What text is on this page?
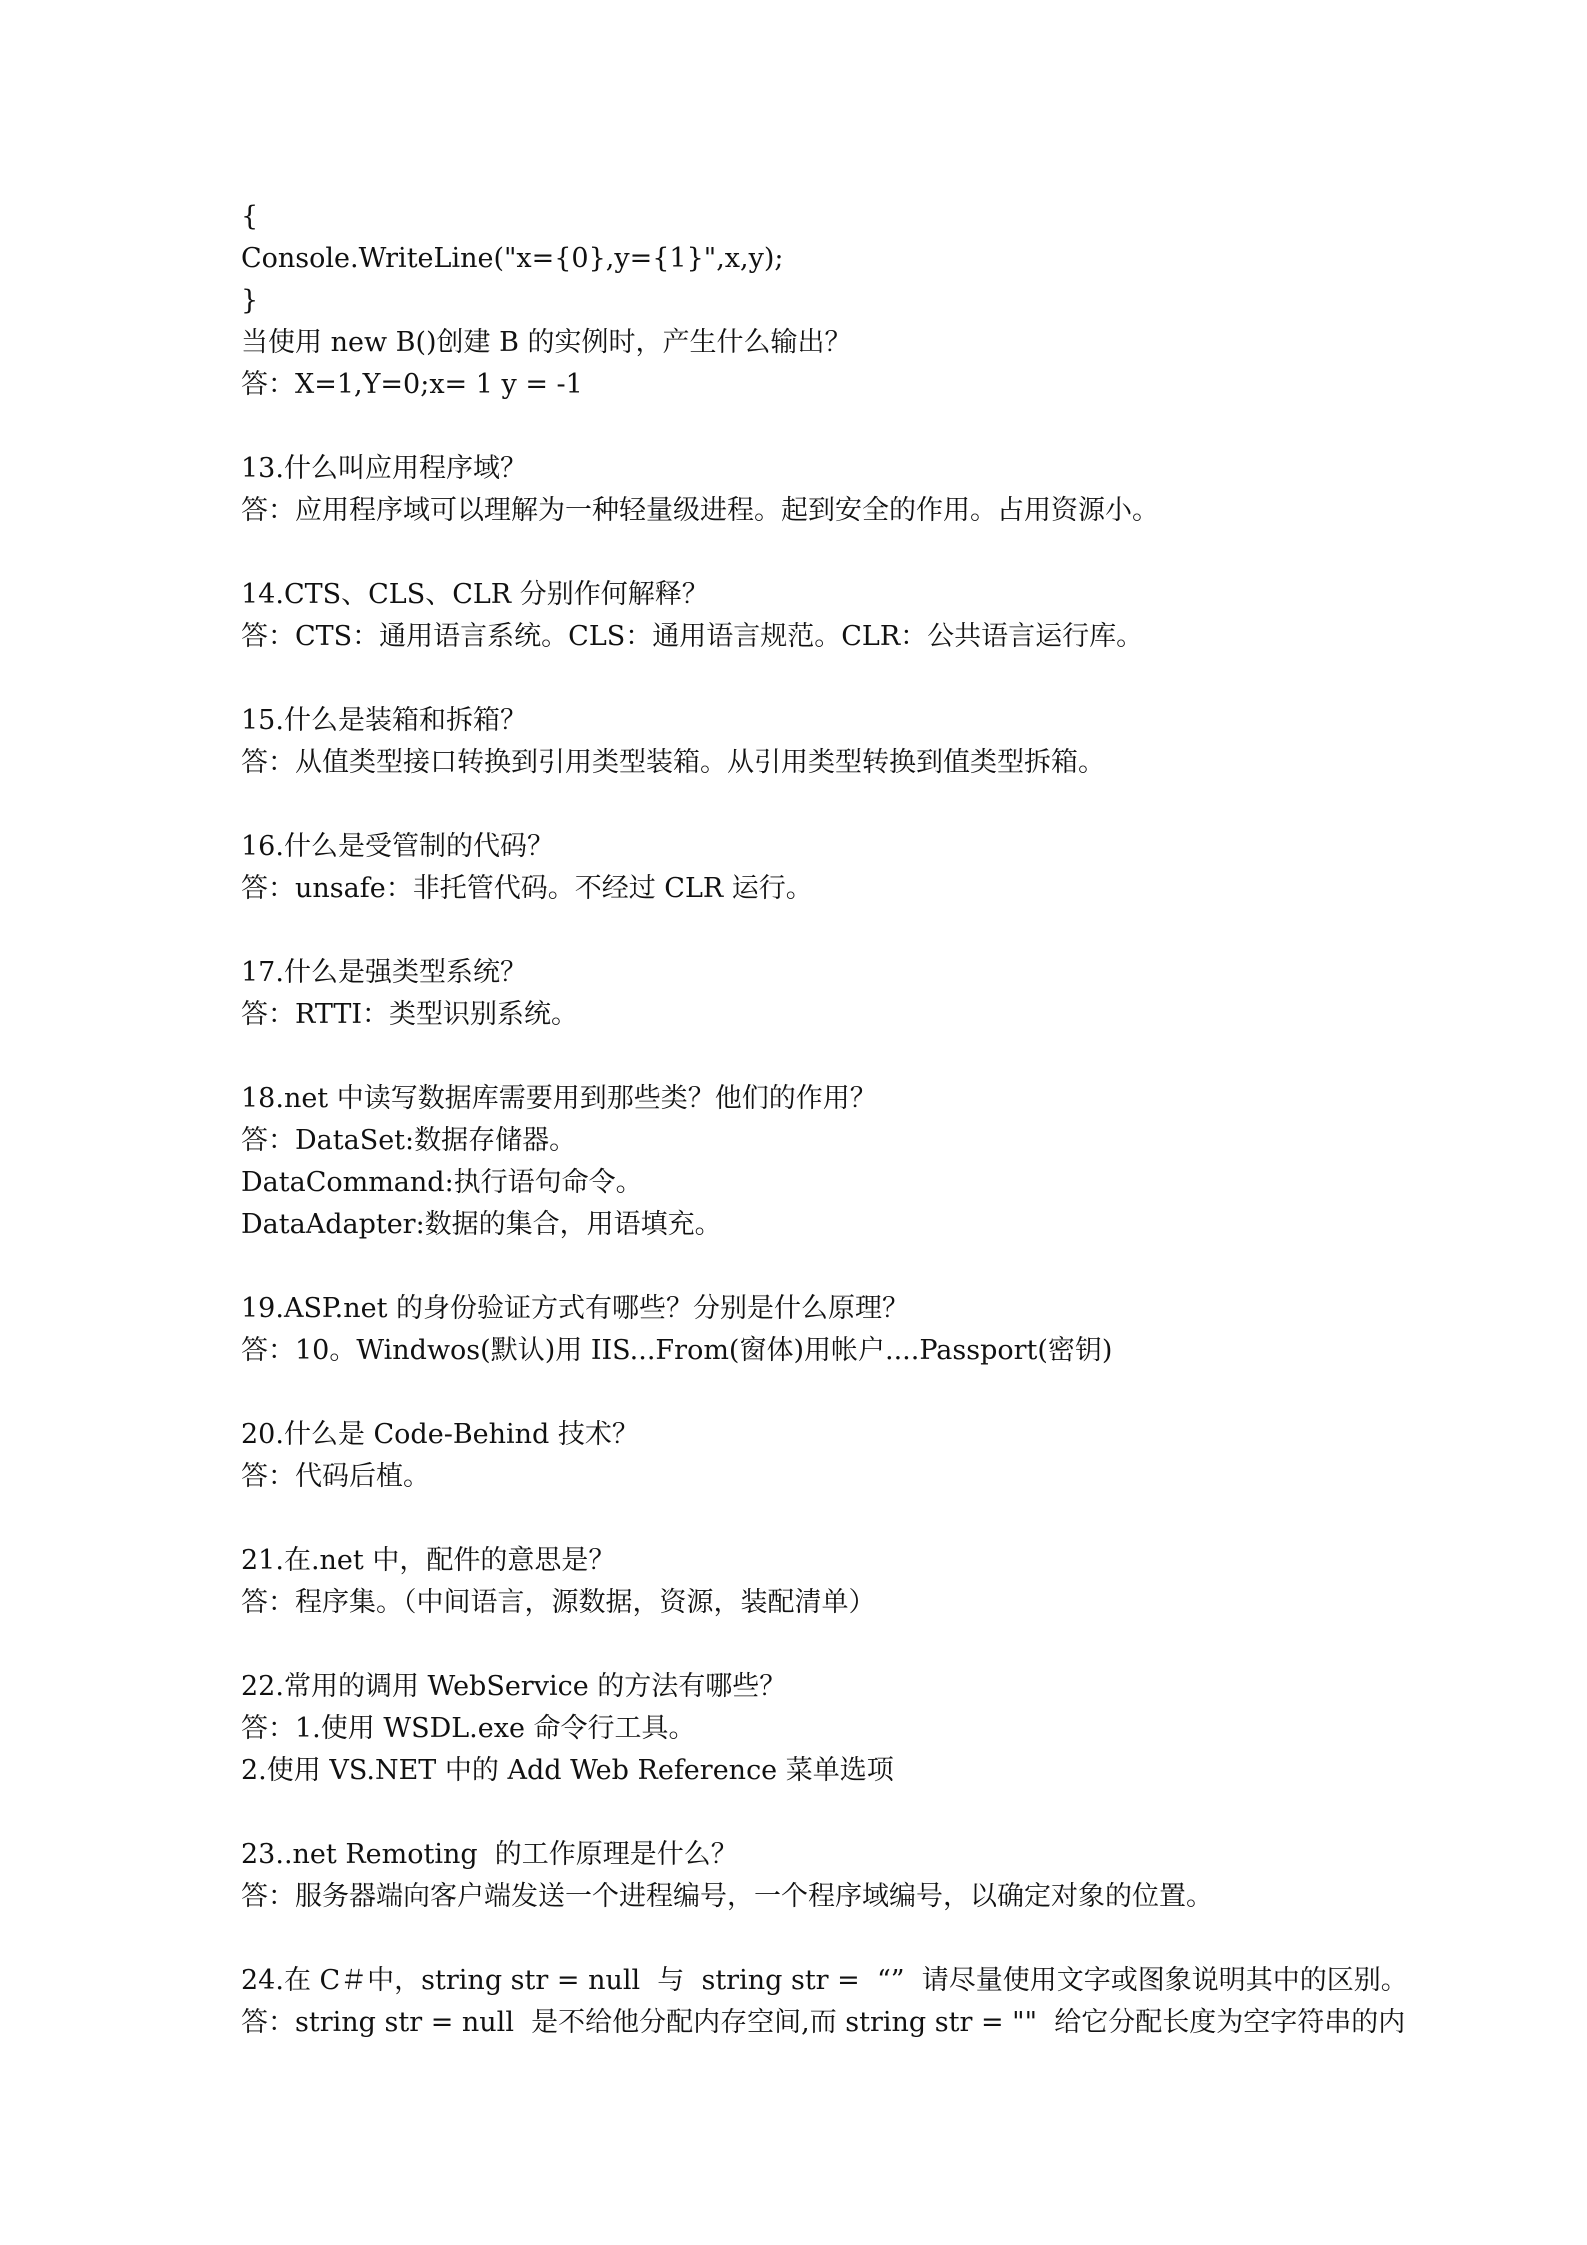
{
Console.WriteLine("x={0},y={1}",x,y);
}
当使用 new B()创建 B 的实例时，产生什么输出？
答：X=1,Y=0;x= 1 y = -1
13.什么叫应用程序域？
答：应用程序域可以理解为一种轻量级进程。起到安全的作用。占用资源小。
14.CTS、CLS、CLR 分别作何解释？
答：CTS：通用语言系统。CLS：通用语言规范。CLR：公共语言运行库。
15.什么是装箱和拆箱？
答：从值类型接口转换到引用类型装箱。从引用类型转换到值类型拆箱。
16.什么是受管制的代码？
答：unsafe：非托管代码。不经过 CLR 运行。
17.什么是强类型系统？
答：RTTI：类型识别系统。
18.net 中读写数据库需要用到那些类？他们的作用？
答：DataSet:数据存储器。
DataCommand:执行语句命令。
DataAdapter:数据的集合，用语填充。
19.ASP.net 的身份验证方式有哪些？分别是什么原理？
答：10。Windwos(默认)用 IIS...From(窗体)用帐户....Passport(密钥)
20.什么是 Code-Behind 技术？
答：代码后植。
21.在.net 中，配件的意思是？
答：程序集。（中间语言，源数据，资源，装配清单）
22.常用的调用 WebService 的方法有哪些？
答：1.使用 WSDL.exe 命令行工具。
2.使用 VS.NET 中的 Add Web Reference 菜单选项
23..net Remoting  的工作原理是什么？
答：服务器端向客户端发送一个进程编号，一个程序域编号，以确定对象的位置。
24.在 C＃中，string str = null  与  string str =  “”  请尽量使用文字或图象说明其中的区别。
答：string str = null  是不给他分配内存空间,而 string str = ""  给它分配长度为空字符串的内
